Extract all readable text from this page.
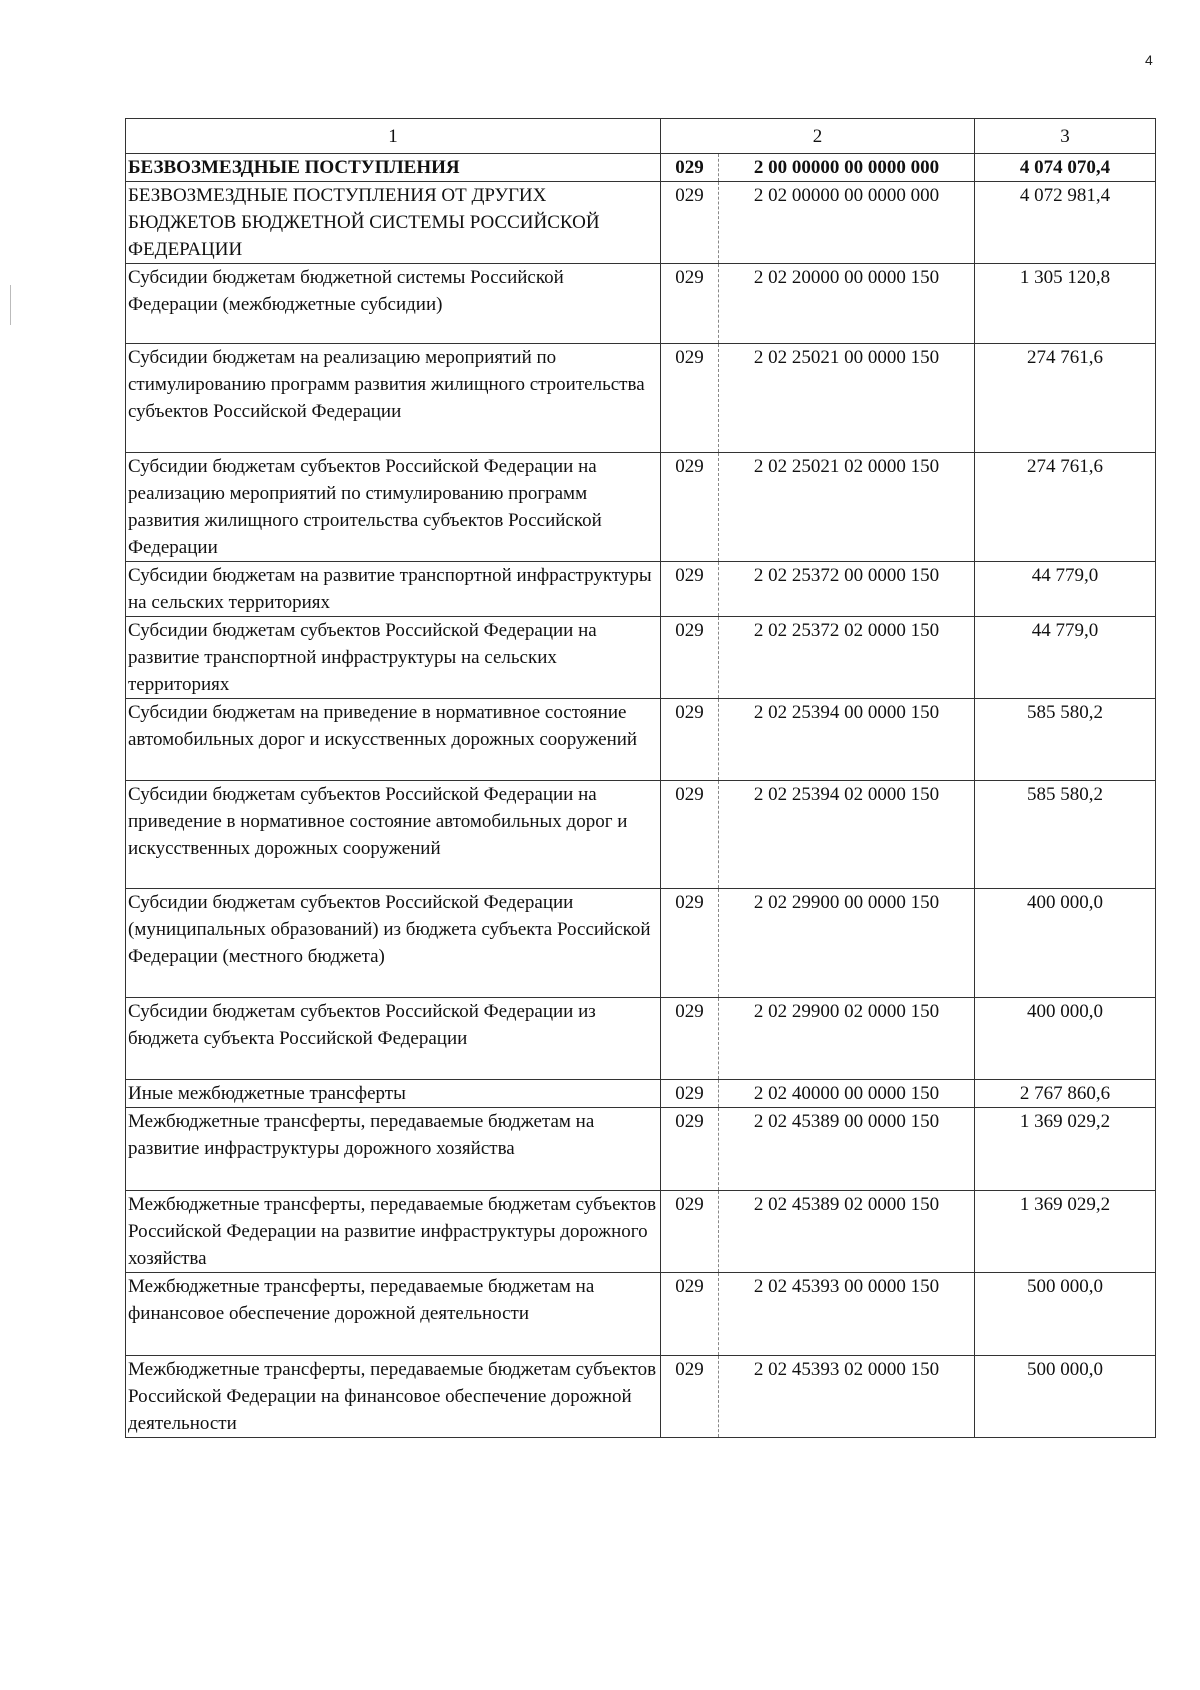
4
1	2		3
БЕЗВОЗМЕЗДНЫЕ ПОСТУПЛЕНИЯ	029	2 00 00000 00 0000 000	4 074 070,4
БЕЗВОЗМЕЗДНЫЕ ПОСТУПЛЕНИЯ ОТ ДРУГИХ БЮДЖЕТОВ БЮДЖЕТНОЙ СИСТЕМЫ РОССИЙСКОЙ ФЕДЕРАЦИИ	029	2 02 00000 00 0000 000	4 072 981,4
Субсидии бюджетам бюджетной системы Российской Федерации (межбюджетные субсидии)	029	2 02 20000 00 0000 150	1 305 120,8
Субсидии бюджетам на реализацию мероприятий по стимулированию программ развития жилищного строительства субъектов Российской Федерации	029	2 02 25021 00 0000 150	274 761,6
Субсидии бюджетам субъектов Российской Федерации на реализацию мероприятий по стимулированию программ развития жилищного строительства субъектов Российской Федерации	029	2 02 25021 02 0000 150	274 761,6
Субсидии бюджетам на развитие транспортной инфраструктуры на сельских территориях	029	2 02 25372 00 0000 150	44 779,0
Субсидии бюджетам субъектов Российской Федерации на развитие транспортной инфраструктуры на сельских территориях	029	2 02 25372 02 0000 150	44 779,0
Субсидии бюджетам на приведение в нормативное состояние автомобильных дорог и искусственных дорожных сооружений	029	2 02 25394 00 0000 150	585 580,2
Субсидии бюджетам субъектов Российской Федерации на приведение в нормативное состояние автомобильных дорог и искусственных дорожных сооружений	029	2 02 25394 02 0000 150	585 580,2
Субсидии бюджетам субъектов Российской Федерации (муниципальных образований) из бюджета субъекта Российской Федерации (местного бюджета)	029	2 02 29900 00 0000 150	400 000,0
Субсидии бюджетам субъектов Российской Федерации из бюджета субъекта Российской Федерации	029	2 02 29900 02 0000 150	400 000,0
Иные межбюджетные трансферты	029	2 02 40000 00 0000 150	2 767 860,6
Межбюджетные трансферты, передаваемые бюджетам на развитие инфраструктуры дорожного хозяйства	029	2 02 45389 00 0000 150	1 369 029,2
Межбюджетные трансферты, передаваемые бюджетам субъектов Российской Федерации на развитие инфраструктуры дорожного хозяйства	029	2 02 45389 02 0000 150	1 369 029,2
Межбюджетные трансферты, передаваемые бюджетам на финансовое обеспечение дорожной деятельности	029	2 02 45393 00 0000 150	500 000,0
Межбюджетные трансферты, передаваемые бюджетам субъектов Российской Федерации на финансовое обеспечение дорожной деятельности	029	2 02 45393 02 0000 150	500 000,0
